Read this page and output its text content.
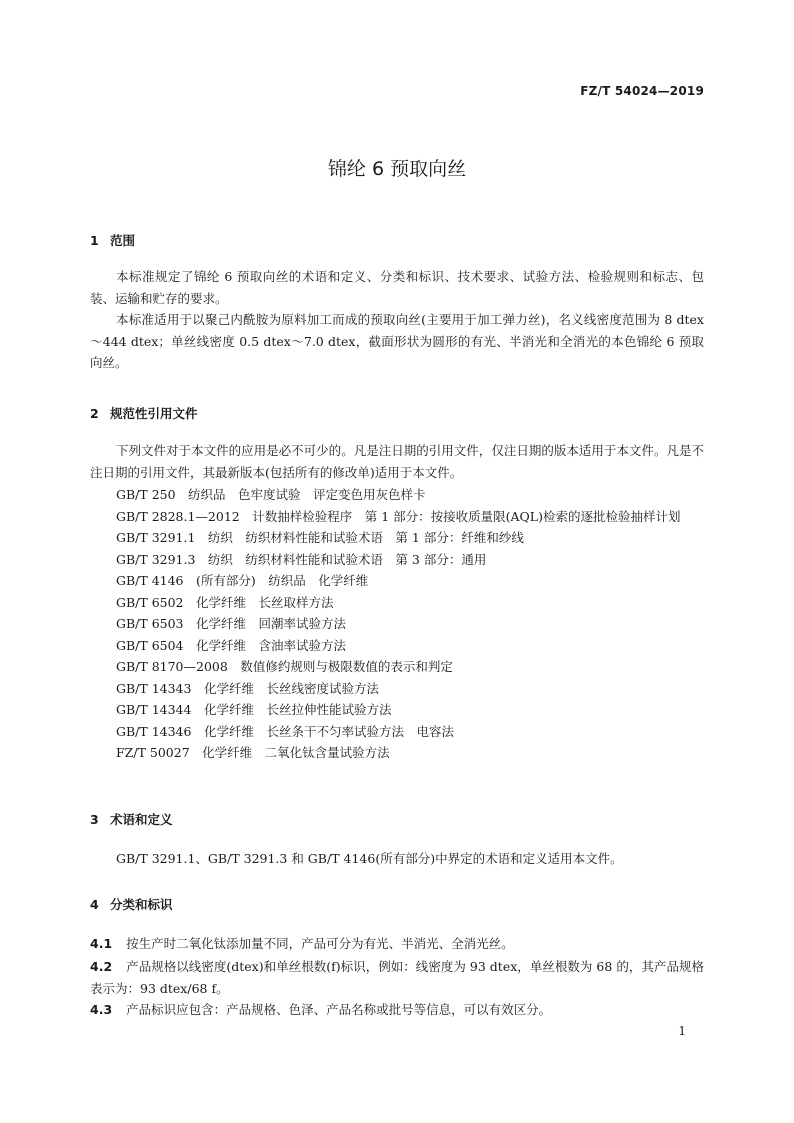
FZ/T 54024—2019
锦纶 6 预取向丝
1 范围

本标准规定了锦纶 6 预取向丝的术语和定义、分类和标识、技术要求、试验方法、检验规则和标志、包装、运输和贮存的要求。

本标准适用于以聚己内酰胺为原料加工而成的预取向丝(主要用于加工弹力丝)，名义线密度范围为 8 dtex～444 dtex；单丝线密度 0.5 dtex～7.0 dtex，截面形状为圆形的有光、半消光和全消光的本色锦纶 6 预取向丝。

2 规范性引用文件

下列文件对于本文件的应用是必不可少的。凡是注日期的引用文件，仅注日期的版本适用于本文件。凡是不注日期的引用文件，其最新版本(包括所有的修改单)适用于本文件。

GB/T 250　纺织品　色牢度试验　评定变色用灰色样卡
GB/T 2828.1—2012　计数抽样检验程序　第 1 部分：按接收质量限(AQL)检索的逐批检验抽样计划
GB/T 3291.1　纺织　纺织材料性能和试验术语　第 1 部分：纤维和纱线
GB/T 3291.3　纺织　纺织材料性能和试验术语　第 3 部分：通用
GB/T 4146　(所有部分)　纺织品　化学纤维
GB/T 6502　化学纤维　长丝取样方法
GB/T 6503　化学纤维　回潮率试验方法
GB/T 6504　化学纤维　含油率试验方法
GB/T 8170—2008　数值修约规则与极限数值的表示和判定
GB/T 14343　化学纤维　长丝线密度试验方法
GB/T 14344　化学纤维　长丝拉伸性能试验方法
GB/T 14346　化学纤维　长丝条干不匀率试验方法　电容法
FZ/T 50027　化学纤维　二氧化钛含量试验方法
3 术语和定义

GB/T 3291.1、GB/T 3291.3 和 GB/T 4146(所有部分)中界定的术语和定义适用本文件。

4 分类和标识

4.1 按生产时二氧化钛添加量不同，产品可分为有光、半消光、全消光丝。

4.2 产品规格以线密度(dtex)和单丝根数(f)标识，例如：线密度为 93 dtex，单丝根数为 68 的，其产品规格表示为：93 dtex/68 f。

4.3 产品标识应包含：产品规格、色泽、产品名称或批号等信息，可以有效区分。

1
